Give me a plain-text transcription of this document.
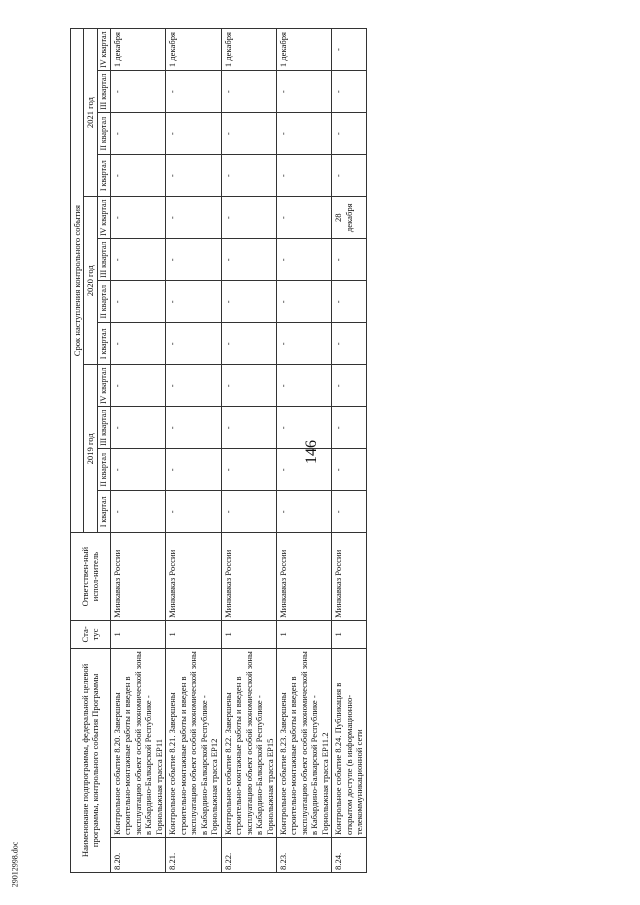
146
29012998.doc
Наименование подпрограммы, федеральной целевой программы, контрольного события Программы		Ста-тус	Ответствен-ный испол-нитель	Срок наступления контрольного события											
				2019 год				2020 год				2021 год			
				I квартал	II квартал	III квартал	IV квартал	I квартал	II квартал	III квартал	IV квартал	I квартал	II квартал	III квартал	IV квартал
8.20.	Контрольное событие 8.20. Завершены строительно-монтажные работы и введен в эксплуатацию объект особой экономической зоны в Кабардино-Балкарской Республике - Горнолыжная трасса ЕР11	1	Минкавказ России	-	-	-	-	-	-	-	-	-	-	-	1 декабря
8.21.	Контрольное событие 8.21. Завершены строительно-монтажные работы и введен в эксплуатацию объект особой экономической зоны в Кабардино-Балкарской Республике - Горнолыжная трасса ЕР12	1	Минкавказ России	-	-	-	-	-	-	-	-	-	-	-	1 декабря
8.22.	Контрольное событие 8.22. Завершены строительно-монтажные работы и введен в эксплуатацию объект особой экономической зоны в Кабардино-Балкарской Республике - Горнолыжная трасса ЕР15	1	Минкавказ России	-	-	-	-	-	-	-	-	-	-	-	1 декабря
8.23.	Контрольное событие 8.23. Завершены строительно-монтажные работы и введен в эксплуатацию объект особой экономической зоны в Кабардино-Балкарской Республике - Горнолыжная трасса ЕР11.2	1	Минкавказ России	-	-	-	-	-	-	-	-	-	-	-	1 декабря
8.24.	Контрольное событие 8.24. Публикация в открытом доступе (в информационно-телекоммуникационной сети	1	Минкавказ России	-	-	-	-	-	-	-	28 декабря	-	-	-	-
